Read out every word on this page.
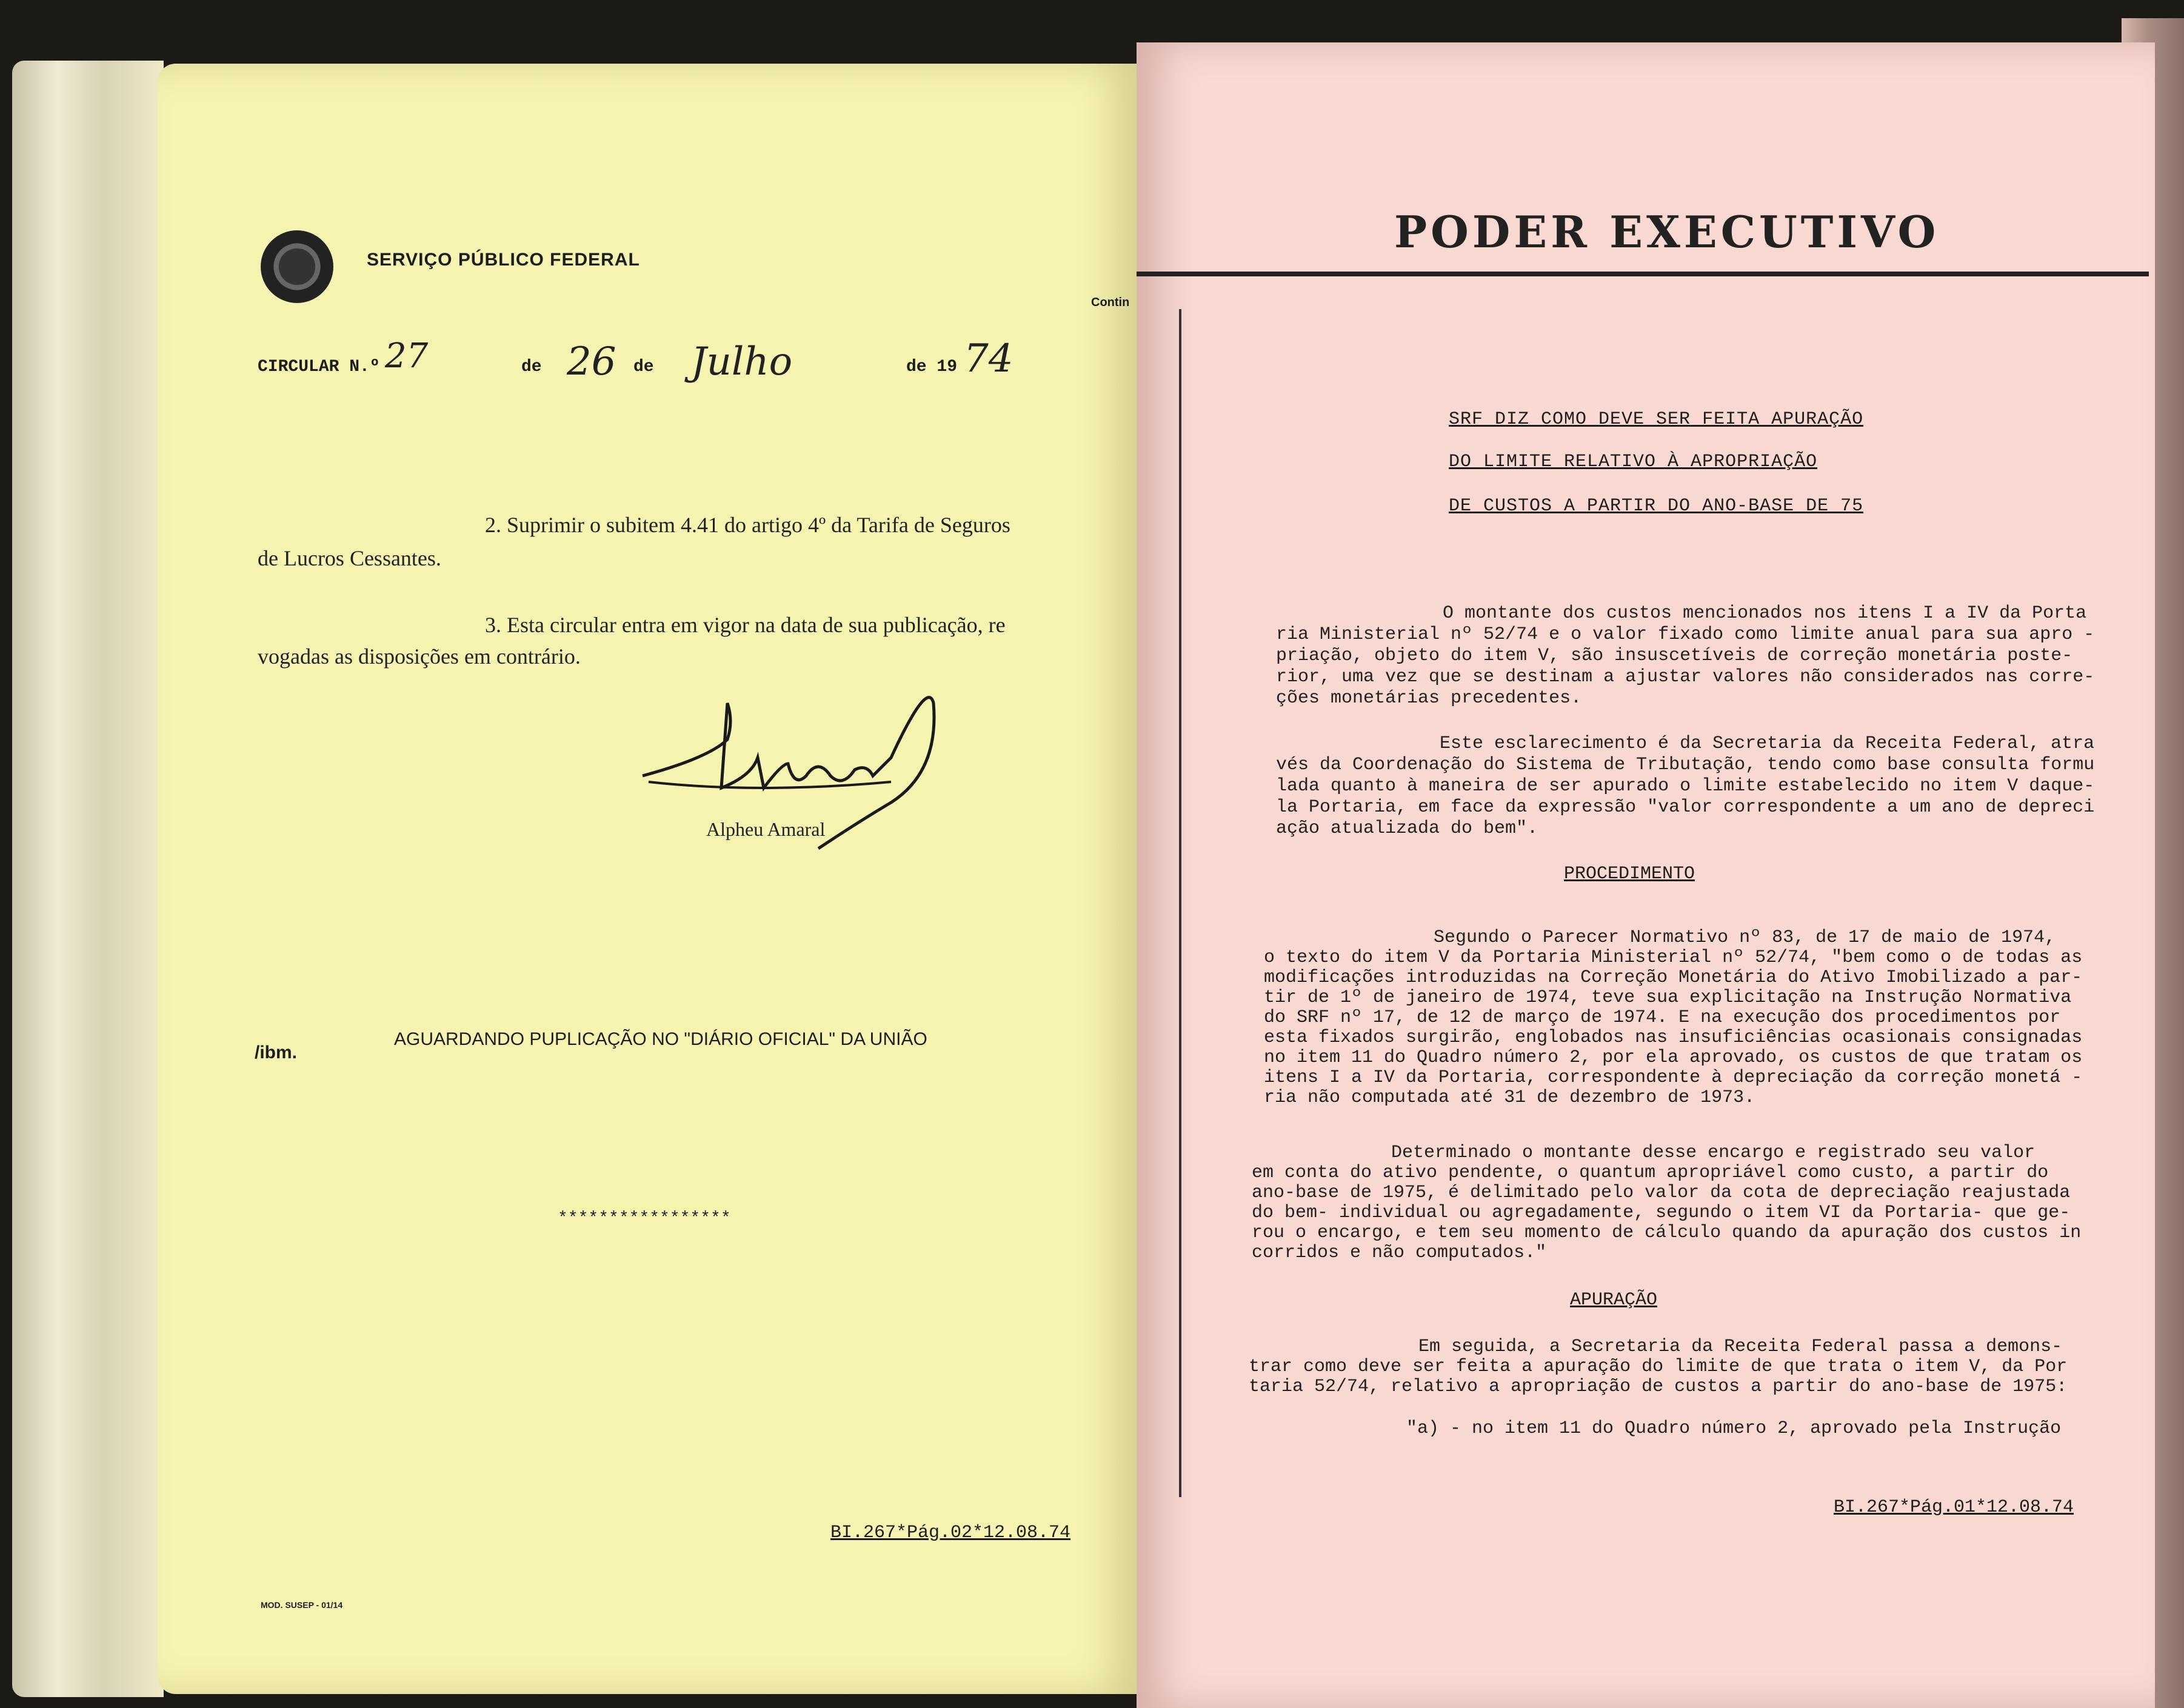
SERVIÇO PÚBLICO FEDERAL
Contin
CIRCULAR N.º 27	de 26 de Julho	de 19 74
2. Suprimir o subitem 4.41 do artigo 4º da Tarifa de Seguros
de Lucros Cessantes.
3. Esta circular entra em vigor na data de sua publicação, re
vogadas as disposições em contrário.
Alpheu Amaral
/ibm.
AGUARDANDO PUPLICAÇÃO NO "DIÁRIO OFICIAL" DA UNIÃO
*****************
BI.267*Pág.02*12.08.74
MOD. SUSEP - 01/14
PODER EXECUTIVO
SRF DIZ COMO DEVE SER FEITA APURAÇÃO
DO LIMITE RELATIVO À APROPRIAÇÃO
DE CUSTOS A PARTIR DO ANO-BASE DE 75
O montante dos custos mencionados nos itens I a IV da Porta
ria Ministerial nº 52/74 e o valor fixado como limite anual para sua apro -
priação, objeto do item V, são insuscetíveis de correção monetária poste-
rior, uma vez que se destinam a ajustar valores não considerados nas corre-
ções monetárias precedentes.
Este esclarecimento é da Secretaria da Receita Federal, atra
vés da Coordenação do Sistema de Tributação, tendo como base consulta formu
lada quanto à maneira de ser apurado o limite estabelecido no item V daque-
la Portaria, em face da expressão "valor correspondente a um ano de depreci
ação atualizada do bem".
PROCEDIMENTO
Segundo o Parecer Normativo nº 83, de 17 de maio de 1974,
o texto do item V da Portaria Ministerial nº 52/74, "bem como o de todas as
modificações introduzidas na Correção Monetária do Ativo Imobilizado a par-
tir de 1º de janeiro de 1974, teve sua explicitação na Instrução Normativa
do SRF nº 17, de 12 de março de 1974. E na execução dos procedimentos por
esta fixados surgirão, englobados nas insuficiências ocasionais consignadas
no item 11 do Quadro número 2, por ela aprovado, os custos de que tratam os
itens I a IV da Portaria, correspondente à depreciação da correção monetá -
ria não computada até 31 de dezembro de 1973.
Determinado o montante desse encargo e registrado seu valor
em conta do ativo pendente, o quantum apropriável como custo, a partir do
ano-base de 1975, é delimitado pelo valor da cota de depreciação reajustada
do bem- individual ou agregadamente, segundo o item VI da Portaria- que ge-
rou o encargo, e tem seu momento de cálculo quando da apuração dos custos in
corridos e não computados."
APURAÇÃO
Em seguida, a Secretaria da Receita Federal passa a demons-
trar como deve ser feita a apuração do limite de que trata o item V, da Por
taria 52/74, relativo a apropriação de custos a partir do ano-base de 1975:
"a) - no item 11 do Quadro número 2, aprovado pela Instrução
BI.267*Pág.01*12.08.74
